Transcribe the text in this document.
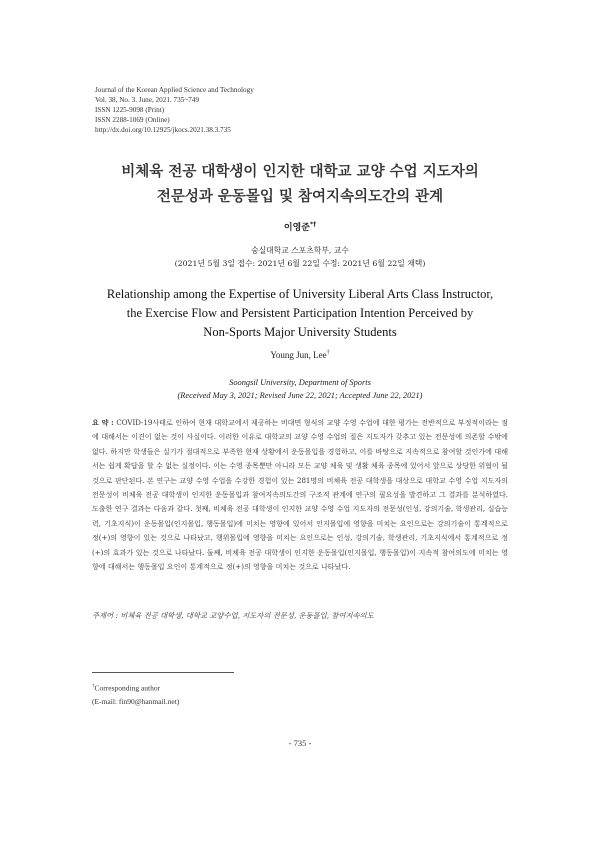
Journal of the Korean Applied Science and Technology
Vol. 38, No. 3. June, 2021. 735~749
ISSN 1225-9098 (Print)
ISSN 2288-1069 (Online)
http://dx.doi.org/10.12925/jkocs.2021.38.3.735
비체육 전공 대학생이 인지한 대학교 교양 수업 지도자의
전문성과 운동몰입 및 참여지속의도간의 관계
이영준*†
숭실대학교 스포츠학부, 교수
(2021년 5월 3일 접수: 2021년 6월 22일 수정: 2021년 6월 22일 채택)
Relationship among the Expertise of University Liberal Arts Class Instructor,
the Exercise Flow and Persistent Participation Intention Perceived by
Non-Sports Major University Students
Young Jun, Lee†
Soongsil University, Department of Sports
(Received May 3, 2021; Revised June 22, 2021; Accepted June 22, 2021)
요 약 : COVID-19사태로 인하여 현재 대학교에서 제공하는 비대면 형식의 교양 수영 수업에 대한 평가는 전반적으로 부정적이라는 점에 대해서는 이견이 없는 것이 사실이다. 이러한 이유로 대학교의 교양 수영 수업의 질은 지도자가 갖추고 있는 전문성에 의존할 수밖에 없다. 하지만 학생들은 실기가 절대적으로 부족한 현재 상황에서 운동몰입을 경험하고, 이를 바탕으로 지속적으로 참여할 것인가에 대해서는 쉽게 확답을 할 수 없는 실정이다. 이는 수영 종목뿐만 아니라 모든 교양 체육 및 생활 체육 종목에 있어서 앞으로 상당한 위협이 될 것으로 판단된다. 본 연구는 교양 수영 수업을 수강한 경험이 있는 281명의 비체육 전공 대학생을 대상으로 대학교 수영 수업 지도자의 전문성이 비체육 전공 대학생이 인지한 운동몰입과 참여지속의도간의 구조적 관계에 연구의 필요성을 발견하고 그 결과를 분석하였다. 도출한 연구 결과는 다음과 같다. 첫째, 비체육 전공 대학생이 인지한 교양 수영 수업 지도자의 전문성(인성, 강의기술, 학생관리, 실습능력, 기초지식)이 운동몰입(인지몰입, 행동몰입)에 미치는 영향에 있어서 인지몰입에 영향을 미치는 요인으로는 강의기술이 통계적으로 정(+)의 영향이 있는 것으로 나타났고, 행위몰입에 영향을 미치는 요인으로는 인성, 강의기술, 학생관리, 기초지식에서 통계적으로 정(+)의 효과가 있는 것으로 나타났다. 둘째, 비체육 전공 대학생이 인지한 운동몰입(인지몰입, 행동몰입)이 지속적 참여의도에 미치는 영향에 대해서는 행동몰입 요인이 통계적으로 정(+)의 영향을 미치는 것으로 나타났다.
주제어 : 비체육 전공 대학생, 대학교 교양수업, 지도자의 전문성, 운동몰입, 참여지속의도
†Corresponding author
(E-mail: fin90@hanmail.net)
- 735 -
